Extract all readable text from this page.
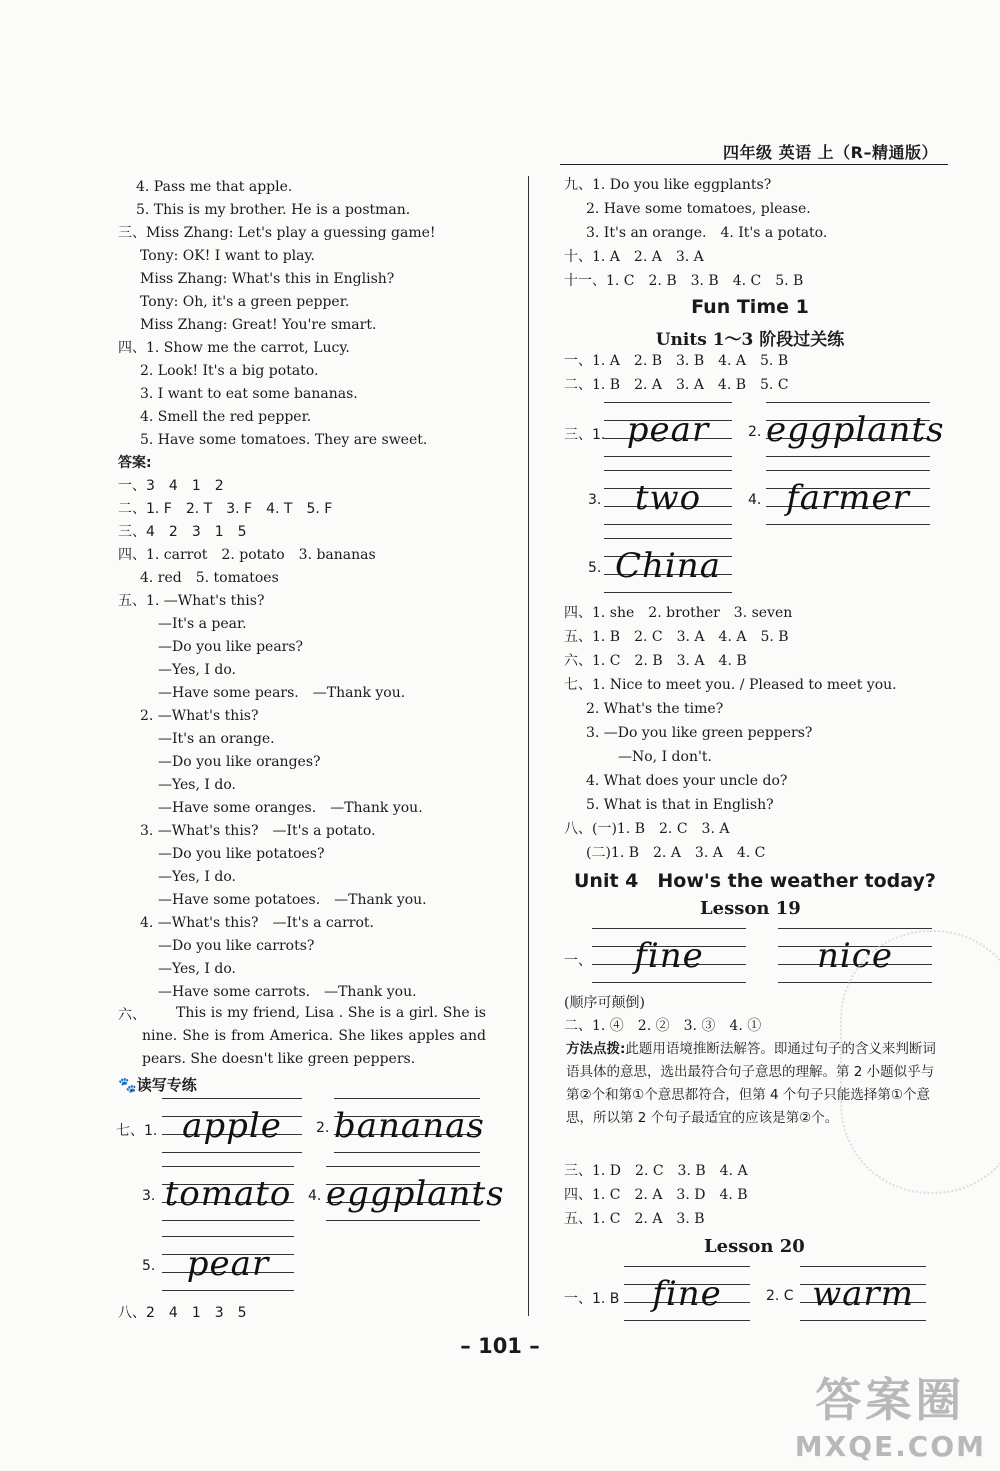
四年级 英语 上（R–精通版）
4. Pass me that apple.
5. This is my brother. He is a postman.
三、Miss Zhang: Let's play a guessing game!
Tony: OK! I want to play.
Miss Zhang: What's this in English?
Tony: Oh, it's a green pepper.
Miss Zhang: Great! You're smart.
四、1. Show me the carrot, Lucy.
2. Look! It's a big potato.
3. I want to eat some bananas.
4. Smell the red pepper.
5. Have some tomatoes. They are sweet.
答案:
一、3　4　1　2
二、1. F　2. T　3. F　4. T　5. F
三、4　2　3　1　5
四、1. carrot　2. potato　3. bananas
4. red　5. tomatoes
五、1. —What's this?
—It's a pear.
—Do you like pears?
—Yes, I do.
—Have some pears.　—Thank you.
2. —What's this?
—It's an orange.
—Do you like oranges?
—Yes, I do.
—Have some oranges.　—Thank you.
3. —What's this?　—It's a potato.
—Do you like potatoes?
—Yes, I do.
—Have some potatoes.　—Thank you.
4. —What's this?　—It's a carrot.
—Do you like carrots?
—Yes, I do.
—Have some carrots.　—Thank you.
六、	This is my friend, Lisa . She is a girl. She is nine. She is from America. She likes apples and pears. She doesn't like green peppers.
🐾读写专练
七、1. apple	2. bananas
3. tomato 4. eggplants
5. pear
八、2　4　1　3　5
九、1. Do you like eggplants?
2. Have some tomatoes, please.
3. It's an orange.　4. It's a potato.
十、1. A　2. A　3. A
十一、1. C　2. B　3. B　4. C　5. B
Fun Time 1
Units 1～3 阶段过关练
一、1. A　2. B　3. B　4. A　5. B
二、1. B　2. A　3. A　4. B　5. C
三、1. pear	2. eggplants
3. two	4. farmer
5. China
四、1. she　2. brother　3. seven
五、1. B　2. C　3. A　4. A　5. B
六、1. C　2. B　3. A　4. B
七、1. Nice to meet you. / Pleased to meet you.
2. What's the time?
3. —Do you like green peppers?
—No, I don't.
4. What does your uncle do?
5. What is that in English?
八、(一)1. B　2. C　3. A
(二)1. B　2. A　3. A　4. C
Unit 4　How's the weather today?
Lesson 19
一、	fine	nice
(顺序可颠倒)
二、1. ④　2. ②　3. ③　4. ①
方法点拨:此题用语境推断法解答。即通过句子的含义来判断词语具体的意思，选出最符合句子意思的理解。第 2 小题似乎与第②个和第①个意思都符合，但第 4 个句子只能选择第①个意思，所以第 2 个句子最适宜的应该是第②个。
三、1. D　2. C　3. B　4. A
四、1. C　2. A　3. D　4. B
五、1. C　2. A　3. B
Lesson 20
一、1. B fine	2. C warm
– 101 –
答案圈
MXQE.COM
